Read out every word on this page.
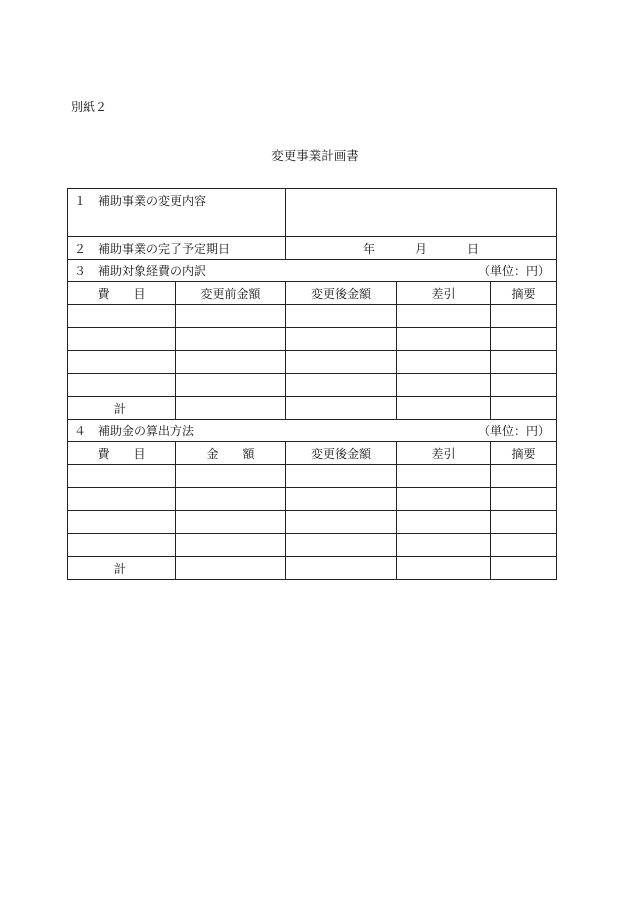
別紙２
変更事業計画書
１　補助事業の変更内容				
２　補助事業の完了予定期日		年 月 日		
３　補助対象経費の内訳 （単位：円）				

費　　目	変更前金額	変更後金額	差引	摘要

計				
４　補助金の算出方法 （単位：円）				

費　　目	金　　額	変更後金額	差引	摘要

計				
